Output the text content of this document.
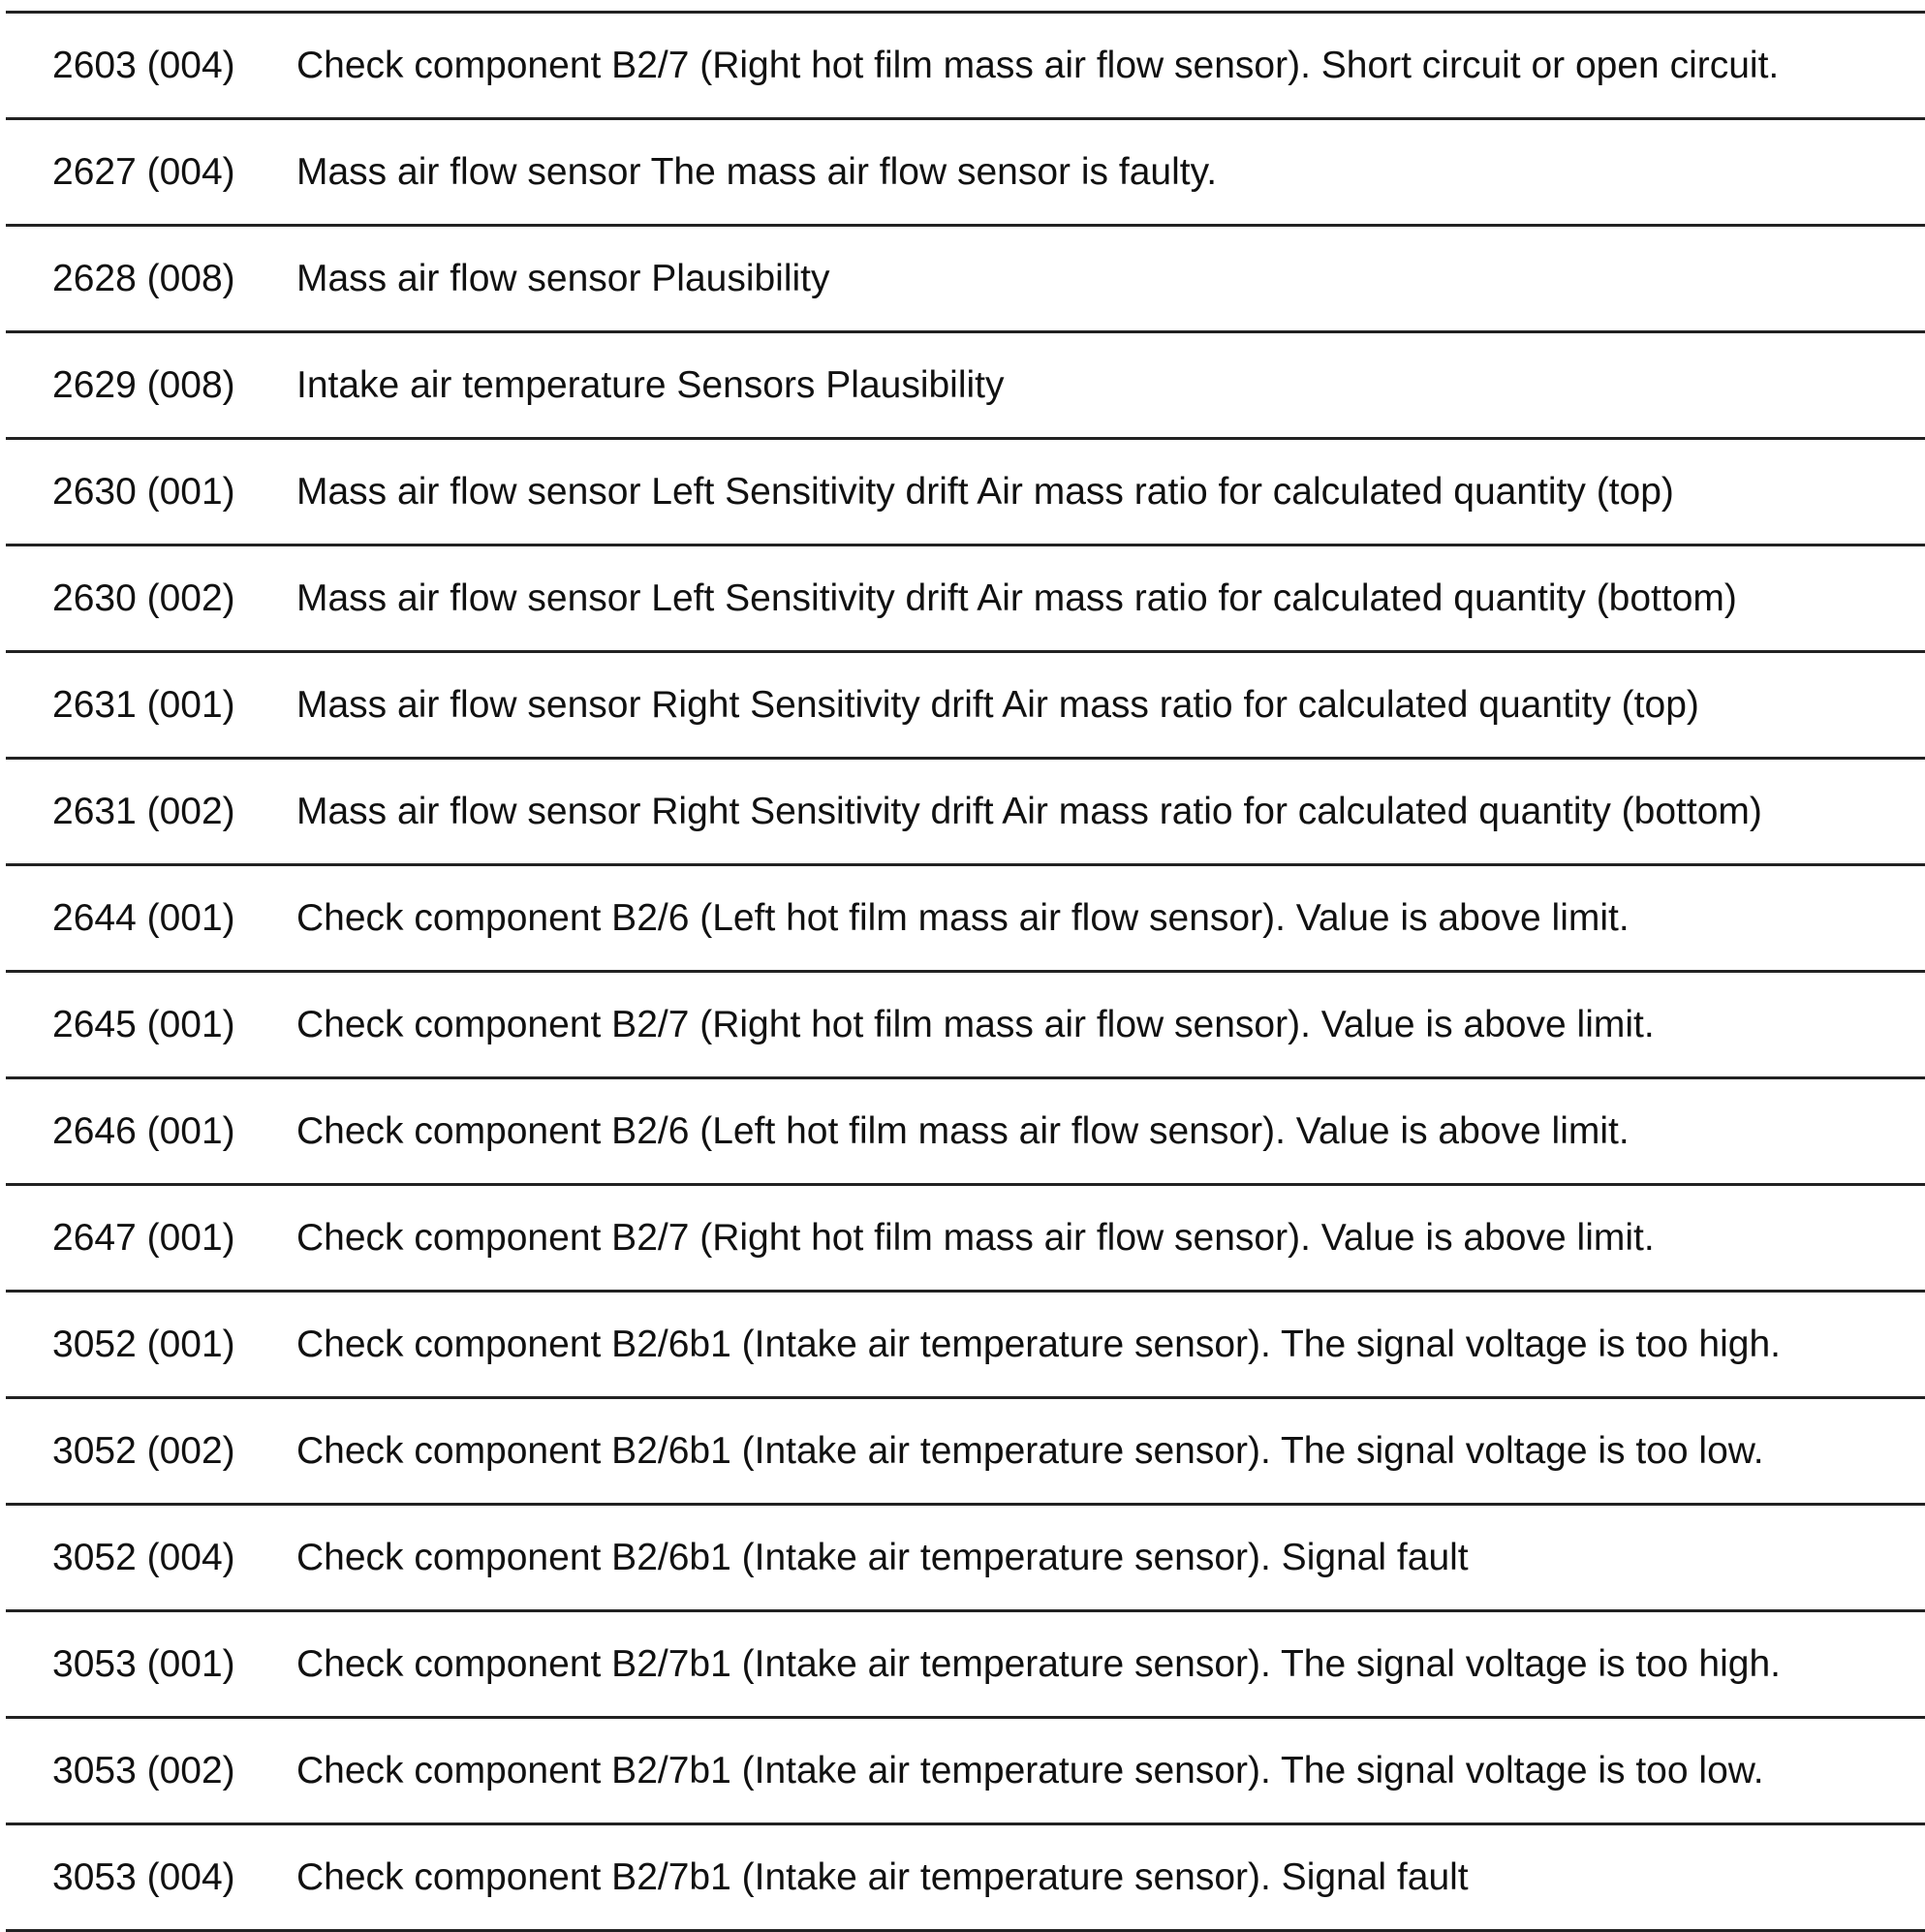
2603 (004) Check component B2/7 (Right hot film mass air flow sensor). Short circuit or open circuit.
2627 (004) Mass air flow sensor The mass air flow sensor is faulty.
2628 (008) Mass air flow sensor Plausibility
2629 (008) Intake air temperature Sensors Plausibility
2630 (001) Mass air flow sensor Left Sensitivity drift Air mass ratio for calculated quantity (top)
2630 (002) Mass air flow sensor Left Sensitivity drift Air mass ratio for calculated quantity (bottom)
2631 (001) Mass air flow sensor Right Sensitivity drift Air mass ratio for calculated quantity (top)
2631 (002) Mass air flow sensor Right Sensitivity drift Air mass ratio for calculated quantity (bottom)
2644 (001) Check component B2/6 (Left hot film mass air flow sensor). Value is above limit.
2645 (001) Check component B2/7 (Right hot film mass air flow sensor). Value is above limit.
2646 (001) Check component B2/6 (Left hot film mass air flow sensor). Value is above limit.
2647 (001) Check component B2/7 (Right hot film mass air flow sensor). Value is above limit.
3052 (001) Check component B2/6b1 (Intake air temperature sensor). The signal voltage is too high.
3052 (002) Check component B2/6b1 (Intake air temperature sensor). The signal voltage is too low.
3052 (004) Check component B2/6b1 (Intake air temperature sensor). Signal fault
3053 (001) Check component B2/7b1 (Intake air temperature sensor). The signal voltage is too high.
3053 (002) Check component B2/7b1 (Intake air temperature sensor). The signal voltage is too low.
3053 (004) Check component B2/7b1 (Intake air temperature sensor). Signal fault
